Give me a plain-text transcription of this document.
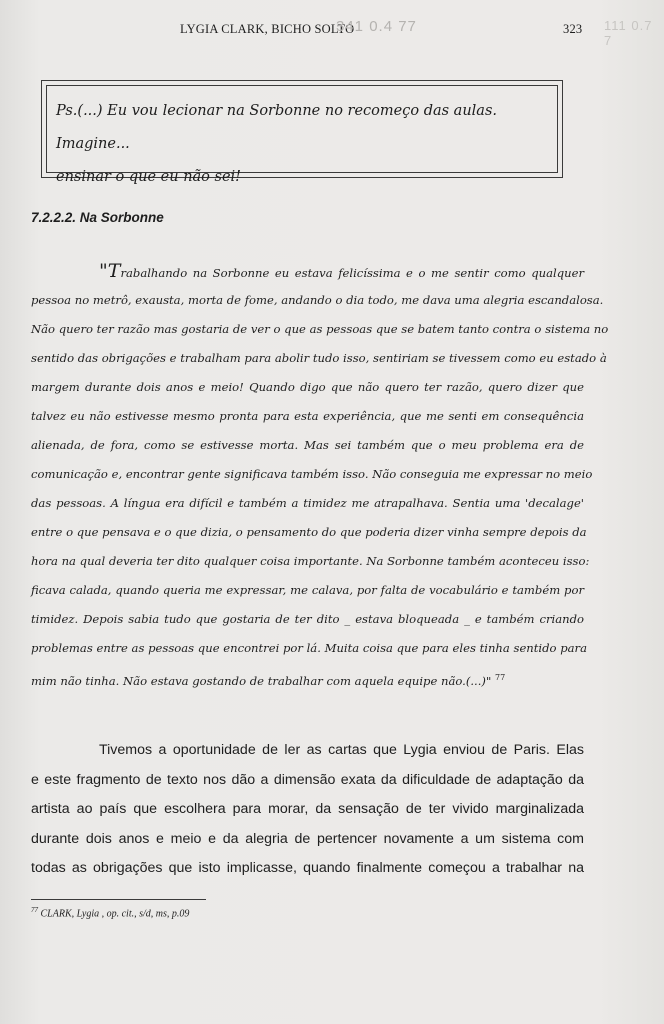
LYGIA CLARK, BICHO SOLTO
341 0.4 77	111 0.7 7
323
Ps.(...) Eu vou lecionar na Sorbonne no recomeço das aulas. Imagine...
ensinar o que eu não sei!
7.2.2.2. Na Sorbonne
"Trabalhando na Sorbonne eu estava felicíssima e o me sentir como qualquer
pessoa no metrô, exausta, morta de fome, andando o dia todo, me dava uma alegria escandalosa.
Não quero ter razão mas gostaria de ver o que as pessoas que se batem tanto contra o sistema no
sentido das obrigações e trabalham para abolir tudo isso, sentiriam se tivessem como eu estado à
margem durante dois anos e meio! Quando digo que não quero ter razão, quero dizer que
talvez eu não estivesse mesmo pronta para esta experiência, que me senti em consequência
alienada, de fora, como se estivesse morta. Mas sei também que o meu problema era de
comunicação e, encontrar gente significava também isso. Não conseguia me expressar no meio
das pessoas. A língua era difícil e também a timidez me atrapalhava. Sentia uma 'decalage'
entre o que pensava e o que dizia, o pensamento do que poderia dizer vinha sempre depois da
hora na qual deveria ter dito qualquer coisa importante. Na Sorbonne também aconteceu isso:
ficava calada, quando queria me expressar, me calava, por falta de vocabulário e também por
timidez. Depois sabia tudo que gostaria de ter dito _ estava bloqueada _ e também criando
problemas entre as pessoas que encontrei por lá. Muita coisa que para eles tinha sentido para
mim não tinha. Não estava gostando de trabalhar com aquela equipe não.(...)" $^{77}$
Tivemos a oportunidade de ler as cartas que Lygia enviou de Paris. Elas
e este fragmento de texto nos dão a dimensão exata da dificuldade de adaptação da
artista ao país que escolhera para morar, da sensação de ter vivido marginalizada
durante dois anos e meio e da alegria de pertencer novamente a um sistema com
todas as obrigações que isto implicasse, quando finalmente começou a trabalhar na
$^{77}$ CLARK, Lygia , op. cit., s/d, ms, p.09
